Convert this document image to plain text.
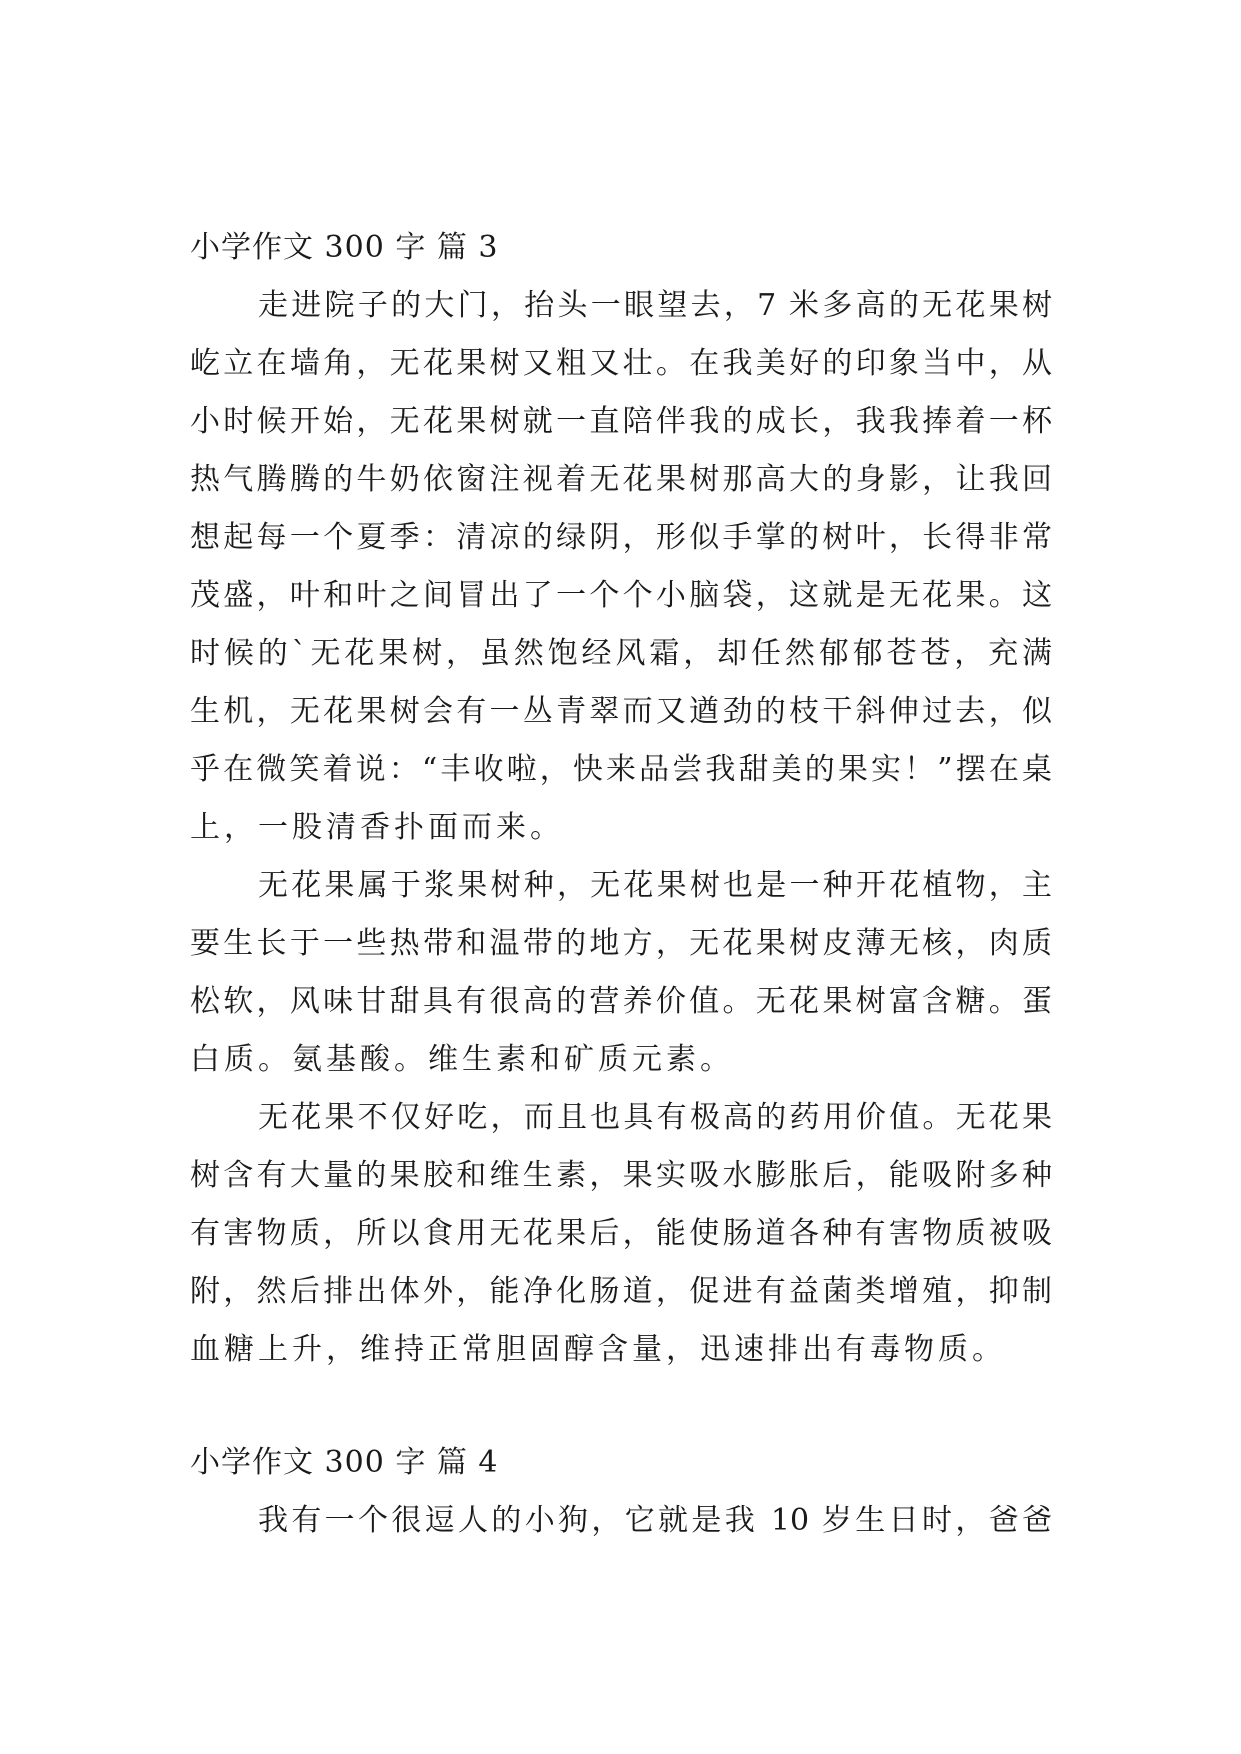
小学作文 300 字 篇 3
走进院子的大门，抬头一眼望去，7 米多高的无花果树
屹立在墙角，无花果树又粗又壮。在我美好的印象当中，从
小时候开始，无花果树就一直陪伴我的成长，我我捧着一杯
热气腾腾的牛奶依窗注视着无花果树那高大的身影，让我回
想起每一个夏季：清凉的绿阴，形似手掌的树叶，长得非常
茂盛，叶和叶之间冒出了一个个小脑袋，这就是无花果。这
时候的`无花果树，虽然饱经风霜，却任然郁郁苍苍，充满
生机，无花果树会有一丛青翠而又遒劲的枝干斜伸过去，似
乎在微笑着说：“丰收啦，快来品尝我甜美的果实！”摆在桌
上，一股清香扑面而来。
无花果属于浆果树种，无花果树也是一种开花植物，主
要生长于一些热带和温带的地方，无花果树皮薄无核，肉质
松软，风味甘甜具有很高的营养价值。无花果树富含糖。蛋
白质。氨基酸。维生素和矿质元素。
无花果不仅好吃，而且也具有极高的药用价值。无花果
树含有大量的果胶和维生素，果实吸水膨胀后，能吸附多种
有害物质，所以食用无花果后，能使肠道各种有害物质被吸
附，然后排出体外，能净化肠道，促进有益菌类增殖，抑制
血糖上升，维持正常胆固醇含量，迅速排出有毒物质。
小学作文 300 字 篇 4
我有一个很逗人的小狗，它就是我 10 岁生日时，爸爸
